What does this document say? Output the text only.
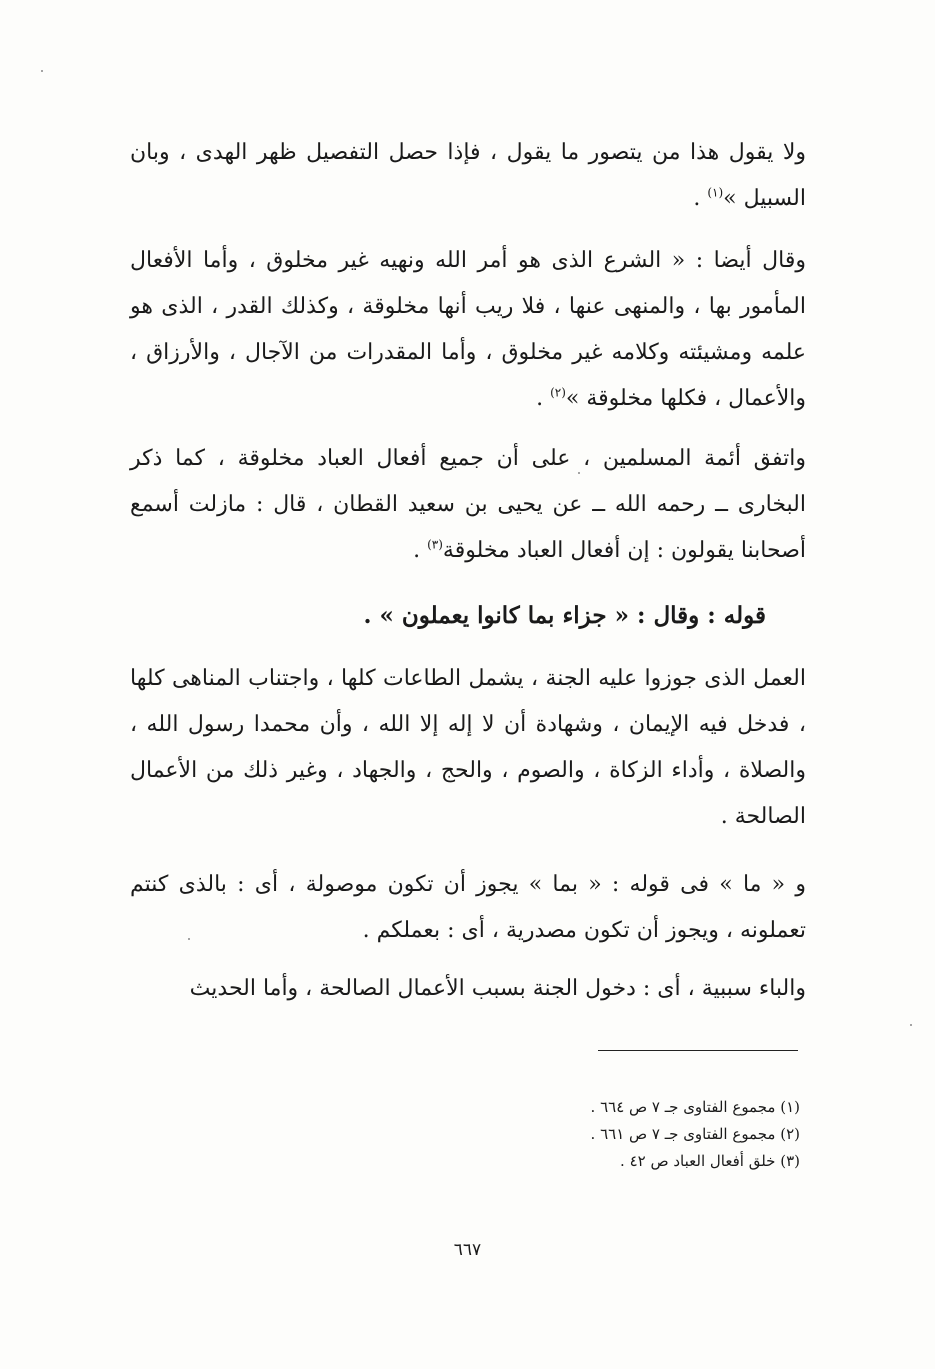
ولا يقول هذا من يتصور ما يقول ، فإذا حصل التفصيل ظهر الهدى ، وبان السبيل »$^{(١)}$ .
وقال أيضا : « الشرع الذى هو أمر الله ونهيه غير مخلوق ، وأما الأفعال المأمور بها ، والمنهى عنها ، فلا ريب أنها مخلوقة ، وكذلك القدر ، الذى هو علمه ومشيئته وكلامه غير مخلوق ، وأما المقدرات من الآجال ، والأرزاق ، والأعمال ، فكلها مخلوقة »$^{(٢)}$ .
واتفق أئمة المسلمين ، على أن جميع أفعال العباد مخلوقة ، كما ذكر البخارى ــ رحمه الله ــ عن يحيى بن سعيد القطان ، قال : مازلت أسمع أصحابنا يقولون : إن أفعال العباد مخلوقة$^{(٣)}$ .
قوله : وقال : « جزاء بما كانوا يعملون » .
العمل الذى جوزوا عليه الجنة ، يشمل الطاعات كلها ، واجتناب المناهى كلها ، فدخل فيه الإيمان ، وشهادة أن لا إله إلا الله ، وأن محمدا رسول الله ، والصلاة ، وأداء الزكاة ، والصوم ، والحج ، والجهاد ، وغير ذلك من الأعمال الصالحة .
و « ما » فى قوله : « بما » يجوز أن تكون موصولة ، أى : بالذى كنتم تعملونه ، ويجوز أن تكون مصدرية ، أى : بعملكم .
والباء سببية ، أى : دخول الجنة بسبب الأعمال الصالحة ، وأما الحديث
(١) مجموع الفتاوى جـ ٧ ص ٦٦٤ .
(٢) مجموع الفتاوى جـ ٧ ص ٦٦١ .
(٣) خلق أفعال العباد ص ٤٢ .
٦٦٧
